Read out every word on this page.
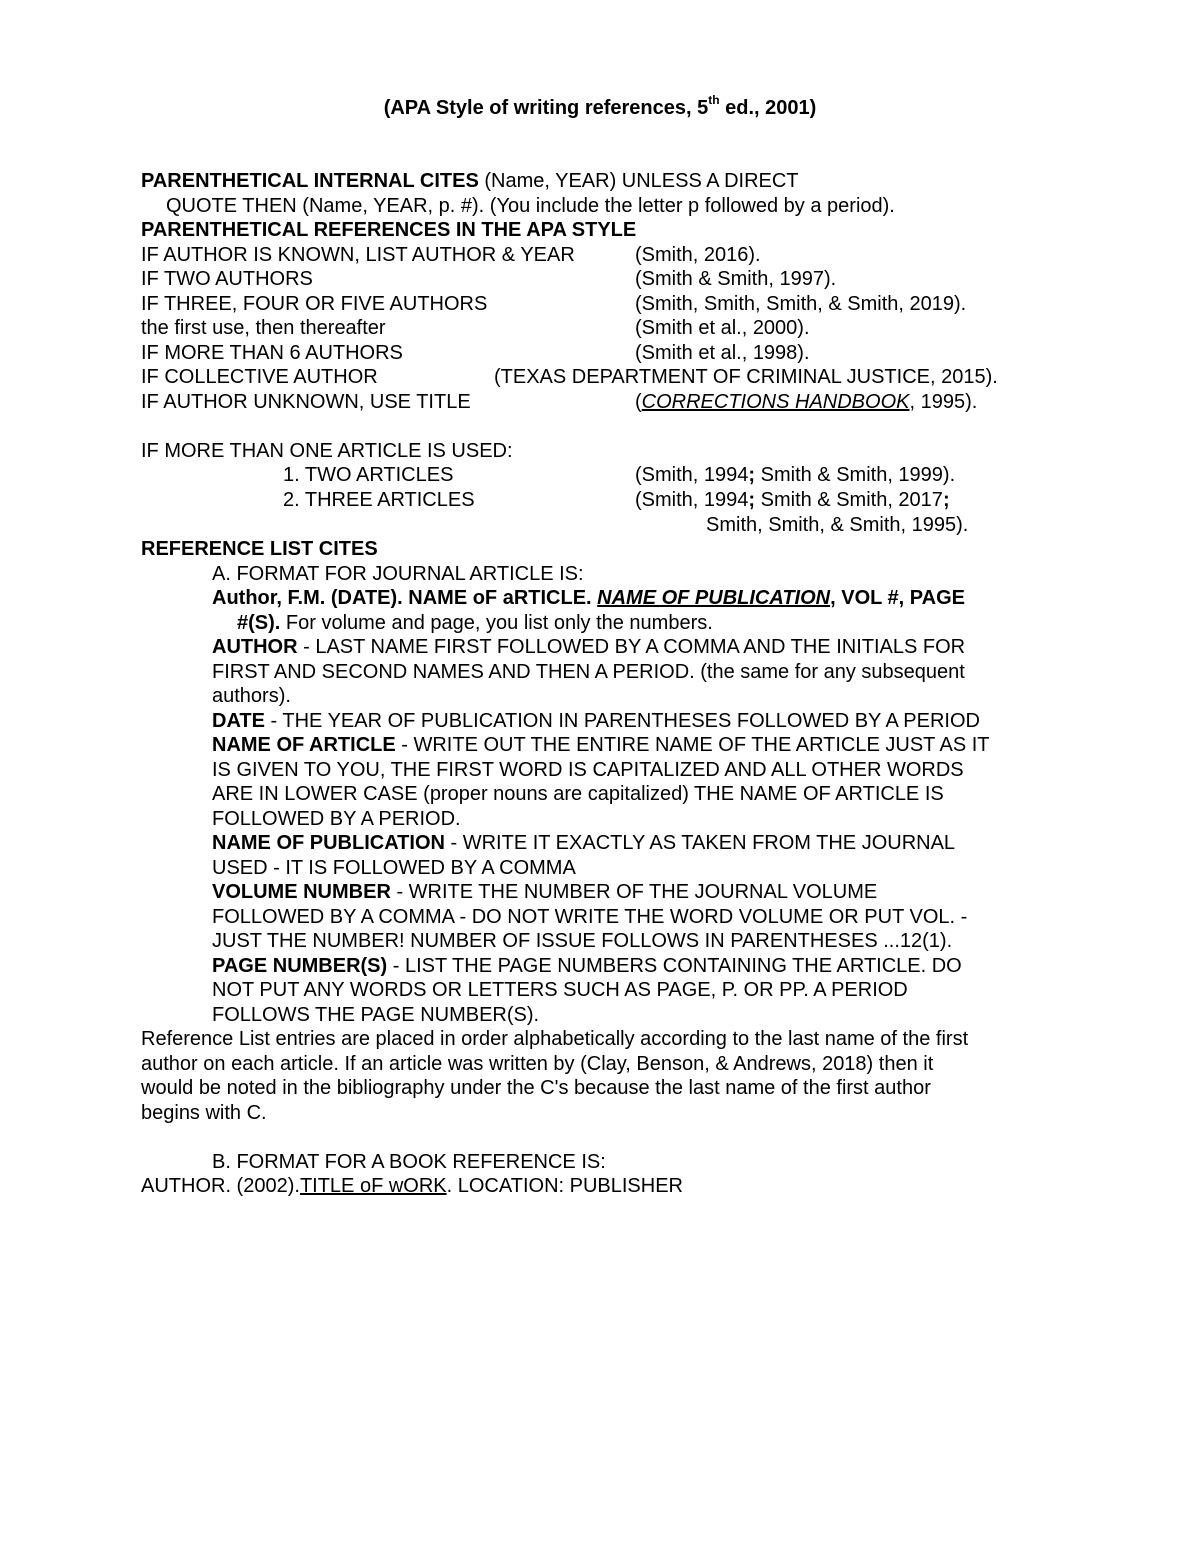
(APA Style of writing references, 5th ed., 2001)
PARENTHETICAL INTERNAL CITES (Name, YEAR) UNLESS A DIRECT
QUOTE THEN (Name, YEAR, p. #). (You include the letter p followed by a period).
PARENTHETICAL REFERENCES IN THE APA STYLE
IF AUTHOR IS KNOWN, LIST AUTHOR & YEAR	(Smith, 2016).
IF TWO AUTHORS	(Smith & Smith, 1997).
IF THREE, FOUR OR FIVE AUTHORS	(Smith, Smith, Smith, & Smith, 2019).
the first use, then thereafter	(Smith et al., 2000).
IF MORE THAN 6 AUTHORS	(Smith et al., 1998).
IF COLLECTIVE AUTHOR	(TEXAS DEPARTMENT OF CRIMINAL JUSTICE, 2015).
IF AUTHOR UNKNOWN, USE TITLE	(CORRECTIONS HANDBOOK, 1995).
IF MORE THAN ONE ARTICLE IS USED:
1. TWO ARTICLES	(Smith, 1994; Smith & Smith, 1999).
2. THREE ARTICLES	(Smith, 1994; Smith & Smith, 2017;
Smith, Smith, & Smith, 1995).
REFERENCE LIST CITES
A. FORMAT FOR JOURNAL ARTICLE IS:
Author, F.M. (DATE). NAME oF aRTICLE. NAME OF PUBLICATION, VOL #, PAGE
#(S). For volume and page, you list only the numbers.
AUTHOR - LAST NAME FIRST FOLLOWED BY A COMMA AND THE INITIALS FOR
FIRST AND SECOND NAMES AND THEN A PERIOD. (the same for any subsequent
authors).
DATE - THE YEAR OF PUBLICATION IN PARENTHESES FOLLOWED BY A PERIOD
NAME OF ARTICLE - WRITE OUT THE ENTIRE NAME OF THE ARTICLE JUST AS IT
IS GIVEN TO YOU, THE FIRST WORD IS CAPITALIZED AND ALL OTHER WORDS
ARE IN LOWER CASE (proper nouns are capitalized) THE NAME OF ARTICLE IS
FOLLOWED BY A PERIOD.
NAME OF PUBLICATION - WRITE IT EXACTLY AS TAKEN FROM THE JOURNAL
USED - IT IS FOLLOWED BY A COMMA
VOLUME NUMBER - WRITE THE NUMBER OF THE JOURNAL VOLUME
FOLLOWED BY A COMMA - DO NOT WRITE THE WORD VOLUME OR PUT VOL. -
JUST THE NUMBER! NUMBER OF ISSUE FOLLOWS IN PARENTHESES ...12(1).
PAGE NUMBER(S) - LIST THE PAGE NUMBERS CONTAINING THE ARTICLE. DO
NOT PUT ANY WORDS OR LETTERS SUCH AS PAGE, P. OR PP. A PERIOD
FOLLOWS THE PAGE NUMBER(S).
Reference List entries are placed in order alphabetically according to the last name of the first
author on each article. If an article was written by (Clay, Benson, & Andrews, 2018) then it
would be noted in the bibliography under the C's because the last name of the first author
begins with C.
B. FORMAT FOR A BOOK REFERENCE IS:
AUTHOR. (2002).TITLE oF wORK. LOCATION: PUBLISHER
